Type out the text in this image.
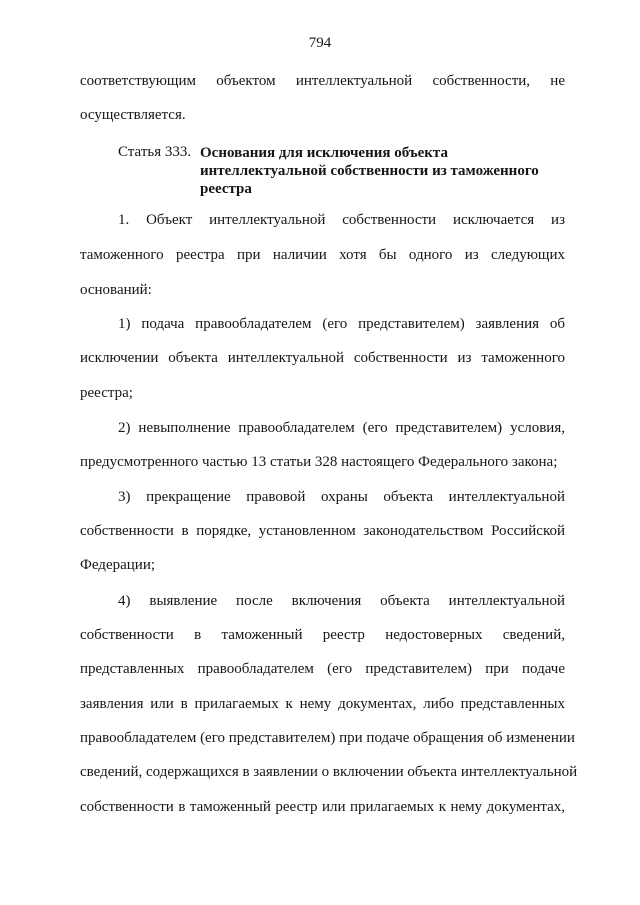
794
соответствующим объектом интеллектуальной собственности, не
осуществляется.
Статья 333. Основания для исключения объекта
интеллектуальной собственности из таможенного
реестра
1. Объект интеллектуальной собственности исключается из
таможенного реестра при наличии хотя бы одного из следующих
оснований:
1) подача правообладателем (его представителем) заявления об
исключении объекта интеллектуальной собственности из таможенного
реестра;
2) невыполнение правообладателем (его представителем) условия,
предусмотренного частью 13 статьи 328 настоящего Федерального закона;
3) прекращение правовой охраны объекта интеллектуальной
собственности в порядке, установленном законодательством Российской
Федерации;
4) выявление после включения объекта интеллектуальной
собственности в таможенный реестр недостоверных сведений,
представленных правообладателем (его представителем) при подаче
заявления или в прилагаемых к нему документах, либо представленных
правообладателем (его представителем) при подаче обращения об изменении
сведений, содержащихся в заявлении о включении объекта интеллектуальной
собственности в таможенный реестр или прилагаемых к нему документах,
